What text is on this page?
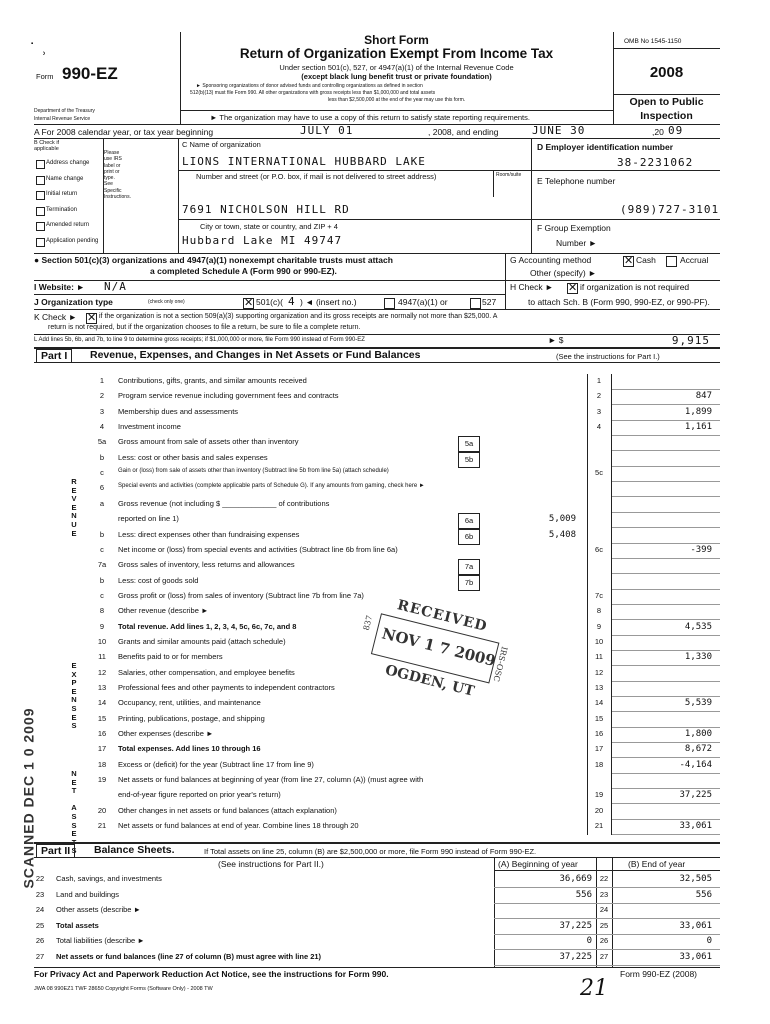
˙ ˒
Form 990-EZ
Department of the Treasury
Internal Revenue Service
Short Form
Return of Organization Exempt From Income Tax
Under section 501(c), 527, or 4947(a)(1) of the Internal Revenue Code
(except black lung benefit trust or private foundation)
► Sponsoring organizations of donor advised funds and controlling organizations as defined in section
512(b)(13) must file Form 990. All other organizations with gross receipts less than $1,000,000 and total assets
less than $2,500,000 at the end of the year may use this form.
► The organization may have to use a copy of this return to satisfy state reporting requirements.
OMB No 1545-1150
2008
Open to Public
Inspection
A For 2008 calendar year, or tax year beginning	JULY 01	, 2008, and ending	JUNE 30	,20 09
B Check if applicable
Address change
Name change
Initial return
Termination
Amended return
Application pending
Please use IRS label or print or type. See Specific Instructions.
C Name of organization
LIONS INTERNATIONAL HUBBARD LAKE
Number and street (or P.O. box, if mail is not delivered to street address)	Room/suite
7691 NICHOLSON HILL RD
City or town, state or country, and ZIP + 4
Hubbard Lake MI 49747
D Employer identification number
38-2231062
E Telephone number
(989)727-3101
F Group Exemption
Number ►
● Section 501(c)(3) organizations and 4947(a)(1) nonexempt charitable trusts must attach
a completed Schedule A (Form 990 or 990-EZ).
G Accounting method	✕ Cash	Accrual
Other (specify) ►
I Website: ► N/A	H Check ► ✕ if organization is not required
J Organization type	(check only one)	✕ 501(c)( 4 ) ◄ (insert no.)	4947(a)(1) or	527	to attach Sch. B (Form 990, 990-EZ, or 990-PF).
K Check ► ✕ if the organization is not a section 509(a)(3) supporting organization and its gross receipts are normally not more than $25,000. A
return is not required, but if the organization chooses to file a return, be sure to file a complete return.
L Add lines 5b, 6b, and 7b, to line 9 to determine gross receipts; if $1,000,000 or more, file Form 990 instead of Form 990-EZ	► $	9,915
Part I	Revenue, Expenses, and Changes in Net Assets or Fund Balances	(See the instructions for Part I.)
1	Contributions, gifts, grants, and similar amounts received	1
2	Program service revenue including government fees and contracts	2	847
3	Membership dues and assessments	3	1,899
4	Investment income	4	1,161
5a	Gross amount from sale of assets other than inventory	5a
b	Less: cost or other basis and sales expenses	5b
c	Gain or (loss) from sale of assets other than inventory (Subtract line 5b from line 5a) (attach schedule)	5c
6	Special events and activities (complete applicable parts of Schedule G). If any amounts from gaming, check here ►
a	Gross revenue (not including $ _____________ of contributions
reported on line 1)	6a	5,009
b	Less: direct expenses other than fundraising expenses	6b	5,408
c	Net income or (loss) from special events and activities (Subtract line 6b from line 6a)	6c	-399
7a	Gross sales of inventory, less returns and allowances	7a
b	Less: cost of goods sold	7b
c	Gross profit or (loss) from sales of inventory (Subtract line 7b from line 7a)	7c
8	Other revenue (describe ►	8
9	Total revenue. Add lines 1, 2, 3, 4, 5c, 6c, 7c, and 8	9	4,535
10	Grants and similar amounts paid (attach schedule)	10
11	Benefits paid to or for members	11	1,330
12	Salaries, other compensation, and employee benefits	12
13	Professional fees and other payments to independent contractors	13
14	Occupancy, rent, utilities, and maintenance	14	5,539
15	Printing, publications, postage, and shipping	15
16	Other expenses (describe ►	16	1,800
17	Total expenses. Add lines 10 through 16	17	8,672
18	Excess or (deficit) for the year (Subtract line 17 from line 9)	18	-4,164
19	Net assets or fund balances at beginning of year (from line 27, column (A)) (must agree with
end-of-year figure reported on prior year's return)	19	37,225
20	Other changes in net assets or fund balances (attach explanation)	20
21	Net assets or fund balances at end of year. Combine lines 18 through 20	21	33,061
R
E
V
E
N
U
E
E
X
P
E
N
S
E
S
N
E
T

A
S
S
E
T
S
Part II	Balance Sheets.	If Total assets on line 25, column (B) are $2,500,000 or more, file Form 990 instead of Form 990-EZ.
(See instructions for Part II.)	(A) Beginning of year	(B) End of year
22	Cash, savings, and investments	36,669	22	32,505
23	Land and buildings	556	23	556
24	Other assets (describe ►	24
25	Total assets	37,225	25	33,061
26	Total liabilities (describe ►	0	26	0
27	Net assets or fund balances (line 27 of column (B) must agree with line 21)	37,225	27	33,061
For Privacy Act and Paperwork Reduction Act Notice, see the instructions for Form 990.	Form 990-EZ (2008)
JWA 08 990EZ1 TWF 28650 Copyright Forms (Software Only) - 2008 TW	21
RECEIVED
NOV 1 7 2009
OGDEN, UT
837
IRS-OSC
SCANNED DEC 1 0 2009
